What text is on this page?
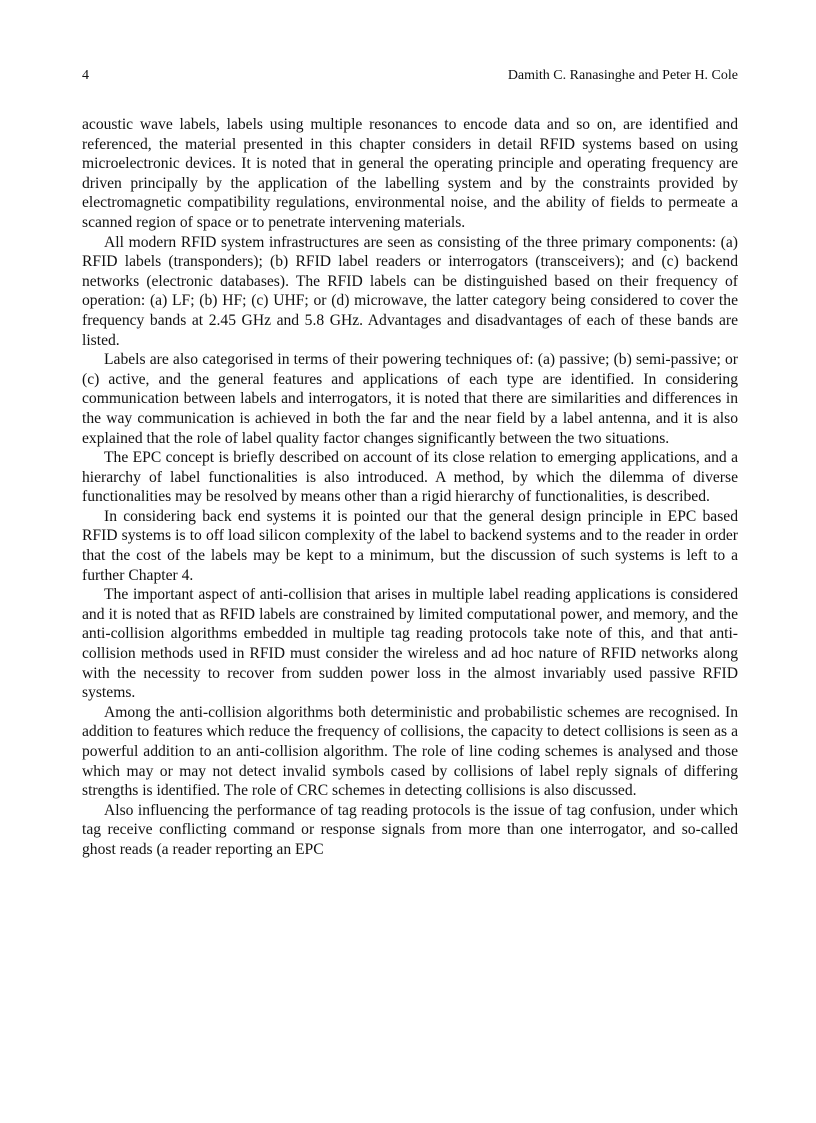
4	Damith C. Ranasinghe and Peter H. Cole

acoustic wave labels, labels using multiple resonances to encode data and so on, are identified and referenced, the material presented in this chapter considers in detail RFID systems based on using microelectronic devices. It is noted that in general the operating principle and operating frequency are driven principally by the application of the labelling system and by the constraints provided by electromagnetic compatibility regulations, environmental noise, and the ability of fields to permeate a scanned region of space or to penetrate intervening materials.

All modern RFID system infrastructures are seen as consisting of the three primary components: (a) RFID labels (transponders); (b) RFID label readers or interrogators (transceivers); and (c) backend networks (electronic databases). The RFID labels can be distinguished based on their frequency of operation: (a) LF; (b) HF; (c) UHF; or (d) microwave, the latter category being considered to cover the frequency bands at 2.45 GHz and 5.8 GHz. Advantages and disadvantages of each of these bands are listed.

Labels are also categorised in terms of their powering techniques of: (a) passive; (b) semi-passive; or (c) active, and the general features and applications of each type are identified. In considering communication between labels and interrogators, it is noted that there are similarities and differences in the way communication is achieved in both the far and the near field by a label antenna, and it is also explained that the role of label quality factor changes significantly between the two situations.

The EPC concept is briefly described on account of its close relation to emerging applications, and a hierarchy of label functionalities is also introduced. A method, by which the dilemma of diverse functionalities may be resolved by means other than a rigid hierarchy of functionalities, is described.

In considering back end systems it is pointed our that the general design principle in EPC based RFID systems is to off load silicon complexity of the label to backend systems and to the reader in order that the cost of the labels may be kept to a minimum, but the discussion of such systems is left to a further Chapter 4.

The important aspect of anti-collision that arises in multiple label reading applications is considered and it is noted that as RFID labels are constrained by limited computational power, and memory, and the anti-collision algorithms embedded in multiple tag reading protocols take note of this, and that anti-collision methods used in RFID must consider the wireless and ad hoc nature of RFID networks along with the necessity to recover from sudden power loss in the almost invariably used passive RFID systems.

Among the anti-collision algorithms both deterministic and probabilistic schemes are recognised. In addition to features which reduce the frequency of collisions, the capacity to detect collisions is seen as a powerful addition to an anti-collision algorithm. The role of line coding schemes is analysed and those which may or may not detect invalid symbols cased by collisions of label reply signals of differing strengths is identified. The role of CRC schemes in detecting collisions is also discussed.

Also influencing the performance of tag reading protocols is the issue of tag confusion, under which tag receive conflicting command or response signals from more than one interrogator, and so-called ghost reads (a reader reporting an EPC
